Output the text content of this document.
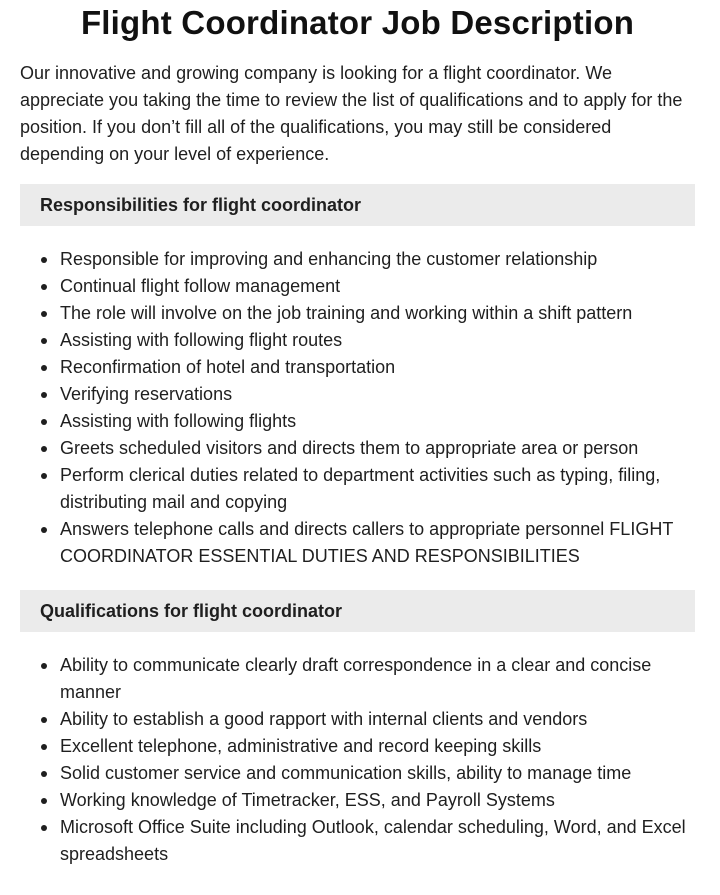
Flight Coordinator Job Description

Our innovative and growing company is looking for a flight coordinator. We appreciate you taking the time to review the list of qualifications and to apply for the position. If you don’t fill all of the qualifications, you may still be considered depending on your level of experience.

Responsibilities for flight coordinator
Responsible for improving and enhancing the customer relationship
Continual flight follow management
The role will involve on the job training and working within a shift pattern
Assisting with following flight routes
Reconfirmation of hotel and transportation
Verifying reservations
Assisting with following flights
Greets scheduled visitors and directs them to appropriate area or person
Perform clerical duties related to department activities such as typing, filing, distributing mail and copying
Answers telephone calls and directs callers to appropriate personnel FLIGHT COORDINATOR ESSENTIAL DUTIES AND RESPONSIBILITIES
Qualifications for flight coordinator
Ability to communicate clearly draft correspondence in a clear and concise manner
Ability to establish a good rapport with internal clients and vendors
Excellent telephone, administrative and record keeping skills
Solid customer service and communication skills, ability to manage time
Working knowledge of Timetracker, ESS, and Payroll Systems
Microsoft Office Suite including Outlook, calendar scheduling, Word, and Excel spreadsheets
